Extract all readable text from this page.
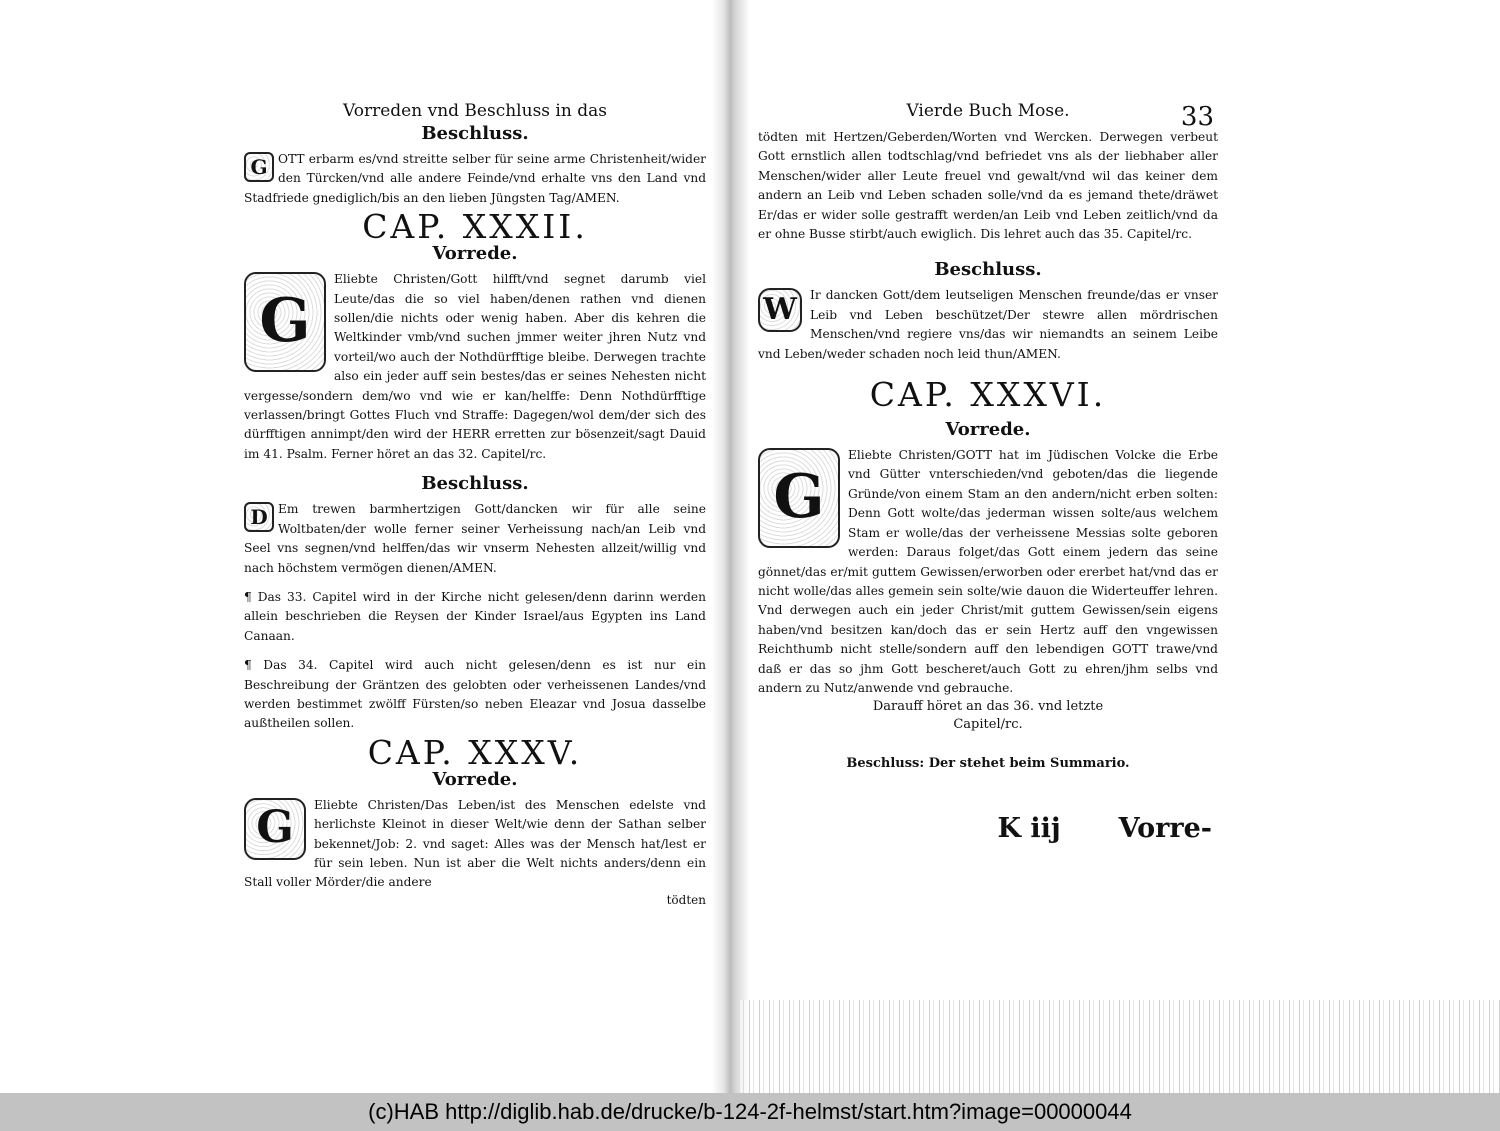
Vorreden vnd Beschluss in das
Beschluss.

G OTT erbarm es/vnd streitte selber für seine arme Christenheit/wider den Türcken/vnd alle andere Feinde/vnd erhalte vns den Land vnd Stadfriede gnediglich/bis an den lieben Jüngsten Tag/AMEN.

CAP. XXXII.
Vorrede.

G
Eliebte Christen/Gott hilfft/vnd segnet darumb viel Leute/das die so viel haben/denen rathen vnd dienen sollen/die nichts oder wenig haben. Aber dis kehren die Weltkinder vmb/vnd suchen jmmer weiter jhren Nutz vnd vorteil/wo auch der Nothdürfftige bleibe. Derwegen trachte also ein jeder auff sein bestes/das er seines Nehesten nicht vergesse/sondern dem/wo vnd wie er kan/helffe: Denn Nothdürfftige verlassen/bringt Gottes Fluch vnd Straffe: Dagegen/wol dem/der sich des dürfftigen annimpt/den wird der HERR erretten zur bösenzeit/sagt Dauid im 41. Psalm. Ferner höret an das 32. Capitel/rc.

Beschluss.

D Em trewen barmhertzigen Gott/dancken wir für alle seine Woltbaten/der wolle ferner seiner Verheissung nach/an Leib vnd Seel vns segnen/vnd helffen/das wir vnserm Nehesten allzeit/willig vnd nach höchstem vermögen dienen/AMEN.

¶ Das 33. Capitel wird in der Kirche nicht gelesen/denn darinn werden allein beschrieben die Reysen der Kinder Israel/aus Egypten ins Land Canaan.

¶ Das 34. Capitel wird auch nicht gelesen/denn es ist nur ein Beschreibung der Gräntzen des gelobten oder verheissenen Landes/vnd werden bestimmet zwölff Fürsten/so neben Eleazar vnd Josua dasselbe außtheilen sollen.

CAP. XXXV.
Vorrede.

G	Eliebte Christen/Das Leben/ist des Menschen edelste vnd herlichste Kleinot in dieser Welt/wie denn der Sathan selber bekennet/Job: 2. vnd saget: Alles was der Mensch hat/lest er für sein leben. Nun ist aber die Welt nichts anders/denn ein Stall voller Mörder/die andere

tödten
Vierde Buch Mose.	33

tödten mit Hertzen/Geberden/Worten vnd Wercken. Derwegen verbeut Gott ernstlich allen todtschlag/vnd befriedet vns als der liebhaber aller Menschen/wider aller Leute freuel vnd gewalt/vnd wil das keiner dem andern an Leib vnd Leben schaden solle/vnd da es jemand thete/dräwet Er/das er wider solle gestrafft werden/an Leib vnd Leben zeitlich/vnd da er ohne Busse stirbt/auch ewiglich. Dis lehret auch das 35. Capitel/rc.

Beschluss.

W	Ir dancken Gott/dem leutseligen Menschen freunde/das er vnser Leib vnd Leben beschützet/Der stewre allen mördrischen Menschen/vnd regiere vns/das wir niemandts an seinem Leibe vnd Leben/weder schaden noch leid thun/AMEN.

CAP. XXXVI.
Vorrede.

G
Eliebte Christen/GOTT hat im Jüdischen Volcke die Erbe vnd Gütter vnterschieden/vnd geboten/das die liegende Gründe/von einem Stam an den andern/nicht erben solten: Denn Gott wolte/das jederman wissen solte/aus welchem Stam er wolle/das der verheissene Messias solte geboren werden: Daraus folget/das Gott einem jedern das seine gönnet/das er/mit guttem Gewissen/erworben oder ererbet hat/vnd das er nicht wolle/das alles gemein sein solte/wie dauon die Widerteuffer lehren. Vnd derwegen auch ein jeder Christ/mit guttem Gewissen/sein eigens haben/vnd besitzen kan/doch das er sein Hertz auff den vngewissen Reichthumb nicht stelle/sondern auff den lebendigen GOTT trawe/vnd daß er das so jhm Gott bescheret/auch Gott zu ehren/jhm selbs vnd andern zu Nutz/anwende vnd gebrauche.

Darauff höret an das 36. vnd letzte

Capitel/rc.

Beschluss: Der stehet beim Summario.
K iij Vorre-
(c)HAB http://diglib.hab.de/drucke/b-124-2f-helmst/start.htm?image=00000044
